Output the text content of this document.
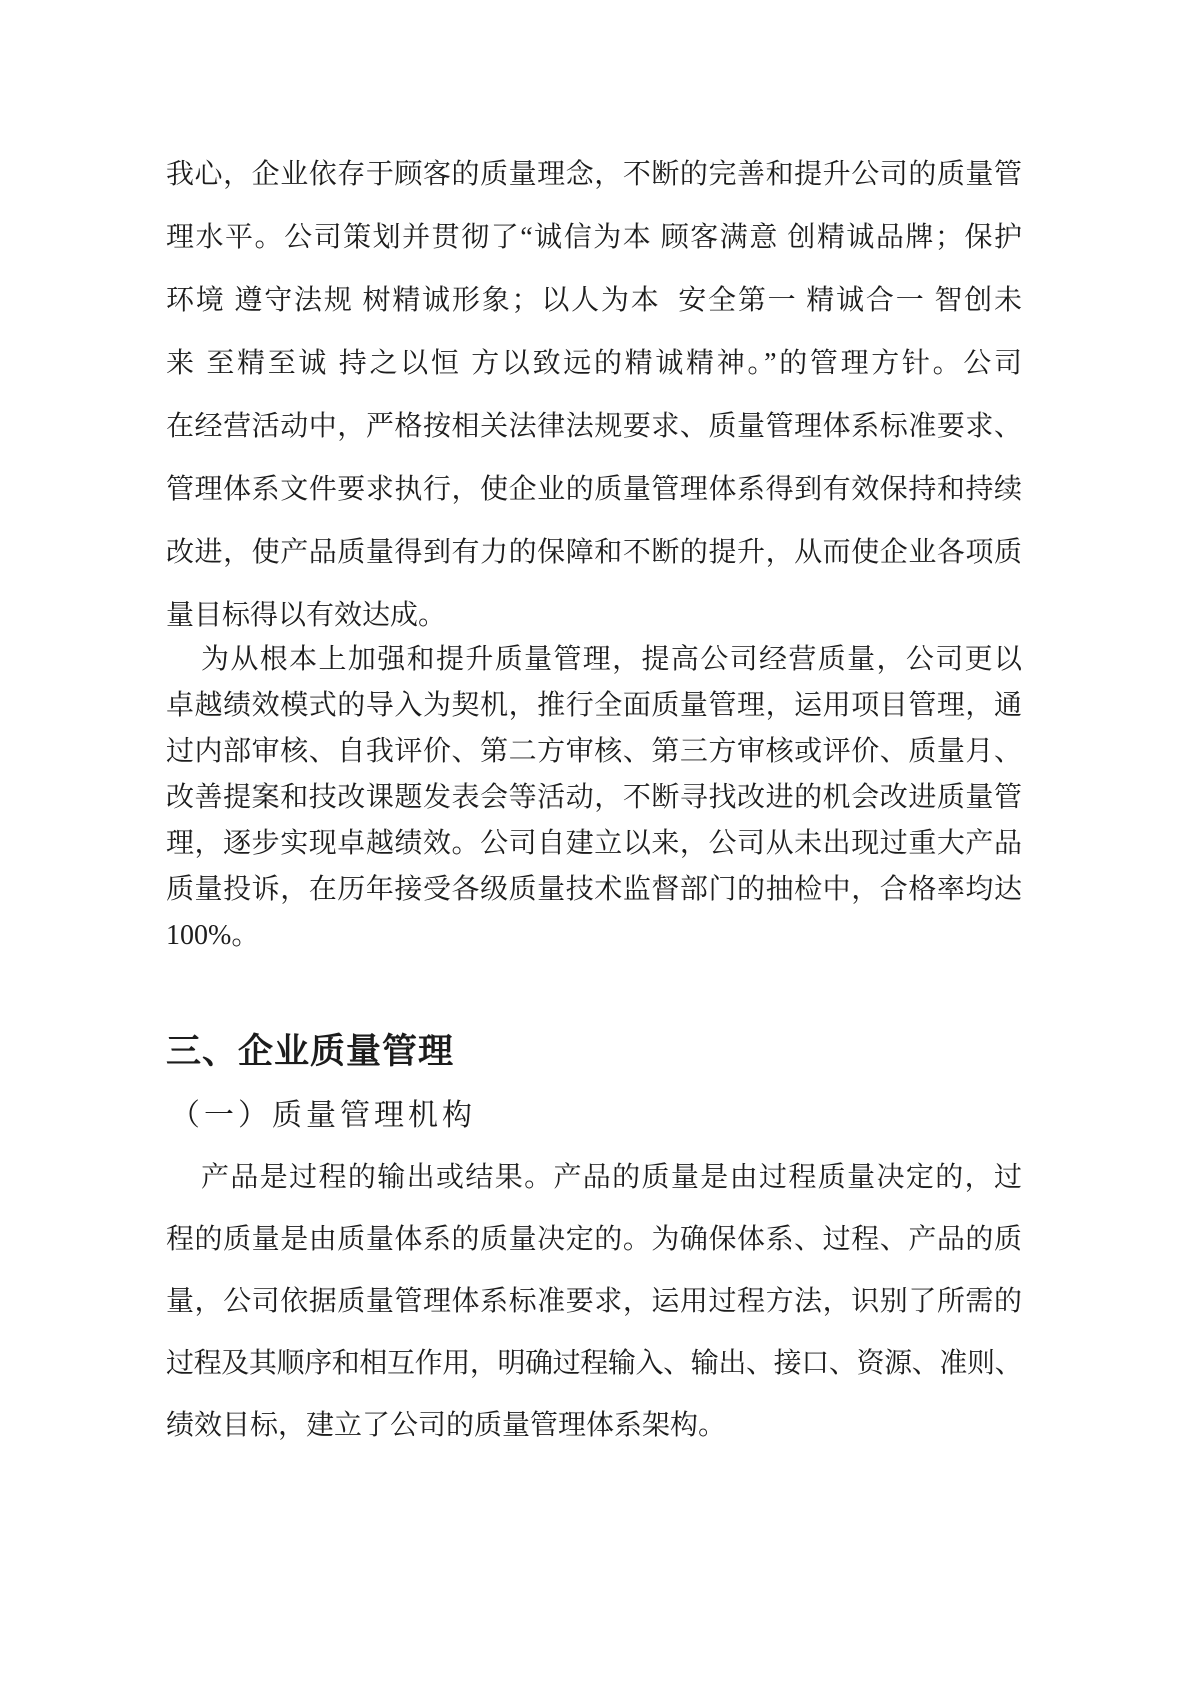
我心，企业依存于顾客的质量理念，不断的完善和提升公司的质量管
理水平。公司策划并贯彻了“诚信为本 顾客满意 创精诚品牌；保护
环境 遵守法规 树精诚形象；以人为本  安全第一 精诚合一 智创未
来 至精至诚 持之以恒 方以致远的精诚精神。”的管理方针。公司
在经营活动中，严格按相关法律法规要求、质量管理体系标准要求、
管理体系文件要求执行，使企业的质量管理体系得到有效保持和持续
改进，使产品质量得到有力的保障和不断的提升，从而使企业各项质
量目标得以有效达成。
为从根本上加强和提升质量管理，提高公司经营质量，公司更以
卓越绩效模式的导入为契机，推行全面质量管理，运用项目管理，通
过内部审核、自我评价、第二方审核、第三方审核或评价、质量月、
改善提案和技改课题发表会等活动，不断寻找改进的机会改进质量管
理，逐步实现卓越绩效。公司自建立以来，公司从未出现过重大产品
质量投诉，在历年接受各级质量技术监督部门的抽检中，合格率均达
100%。
三、企业质量管理
（一）质量管理机构
产品是过程的输出或结果。产品的质量是由过程质量决定的，过
程的质量是由质量体系的质量决定的。为确保体系、过程、产品的质
量，公司依据质量管理体系标准要求，运用过程方法，识别了所需的
过程及其顺序和相互作用，明确过程输入、输出、接口、资源、准则、
绩效目标，建立了公司的质量管理体系架构。
